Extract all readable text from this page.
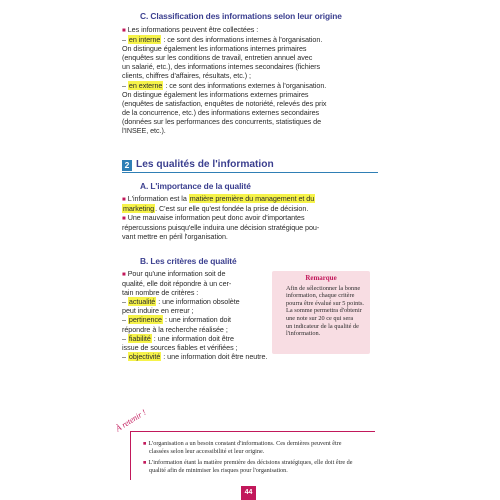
C. Classification des informations selon leur origine
■ Les informations peuvent être collectées :
– en interne : ce sont des informations internes à l'organisation.
On distingue également les informations internes primaires
(enquêtes sur les conditions de travail, entretien annuel avec
un salarié, etc.), des informations internes secondaires (fichiers
clients, chiffres d'affaires, résultats, etc.) ;
– en externe : ce sont des informations externes à l'organisation.
On distingue également les informations externes primaires
(enquêtes de satisfaction, enquêtes de notoriété, relevés des prix
de la concurrence, etc.) des informations externes secondaires
(données sur les performances des concurrents, statistiques de
l'INSEE, etc.).
2 Les qualités de l'information
A. L'importance de la qualité
■ L'information est la matière première du management et du
marketing. C'est sur elle qu'est fondée la prise de décision.
■ Une mauvaise information peut donc avoir d'importantes
répercussions puisqu'elle induira une décision stratégique pou-
vant mettre en péril l'organisation.
B. Les critères de qualité
■ Pour qu'une information soit de
qualité, elle doit répondre à un cer-
tain nombre de critères :
– actualité : une information obsolète
peut induire en erreur ;
– pertinence : une information doit
répondre à la recherche réalisée ;
– fiabilité : une information doit être
issue de sources fiables et vérifiées ;
– objectivité : une information doit être neutre.
Remarque
Afin de sélectionner la bonne
information, chaque critère
pourra être évalué sur 5 points.
La somme permettra d'obtenir
une note sur 20 ce qui sera
un indicateur de la qualité de
l'information.
À retenir !
■ L'organisation a un besoin constant d'informations. Ces dernières peuvent être
classées selon leur accessibilité et leur origine.
■ L'information étant la matière première des décisions stratégiques, elle doit être de
qualité afin de minimiser les risques pour l'organisation.
44
